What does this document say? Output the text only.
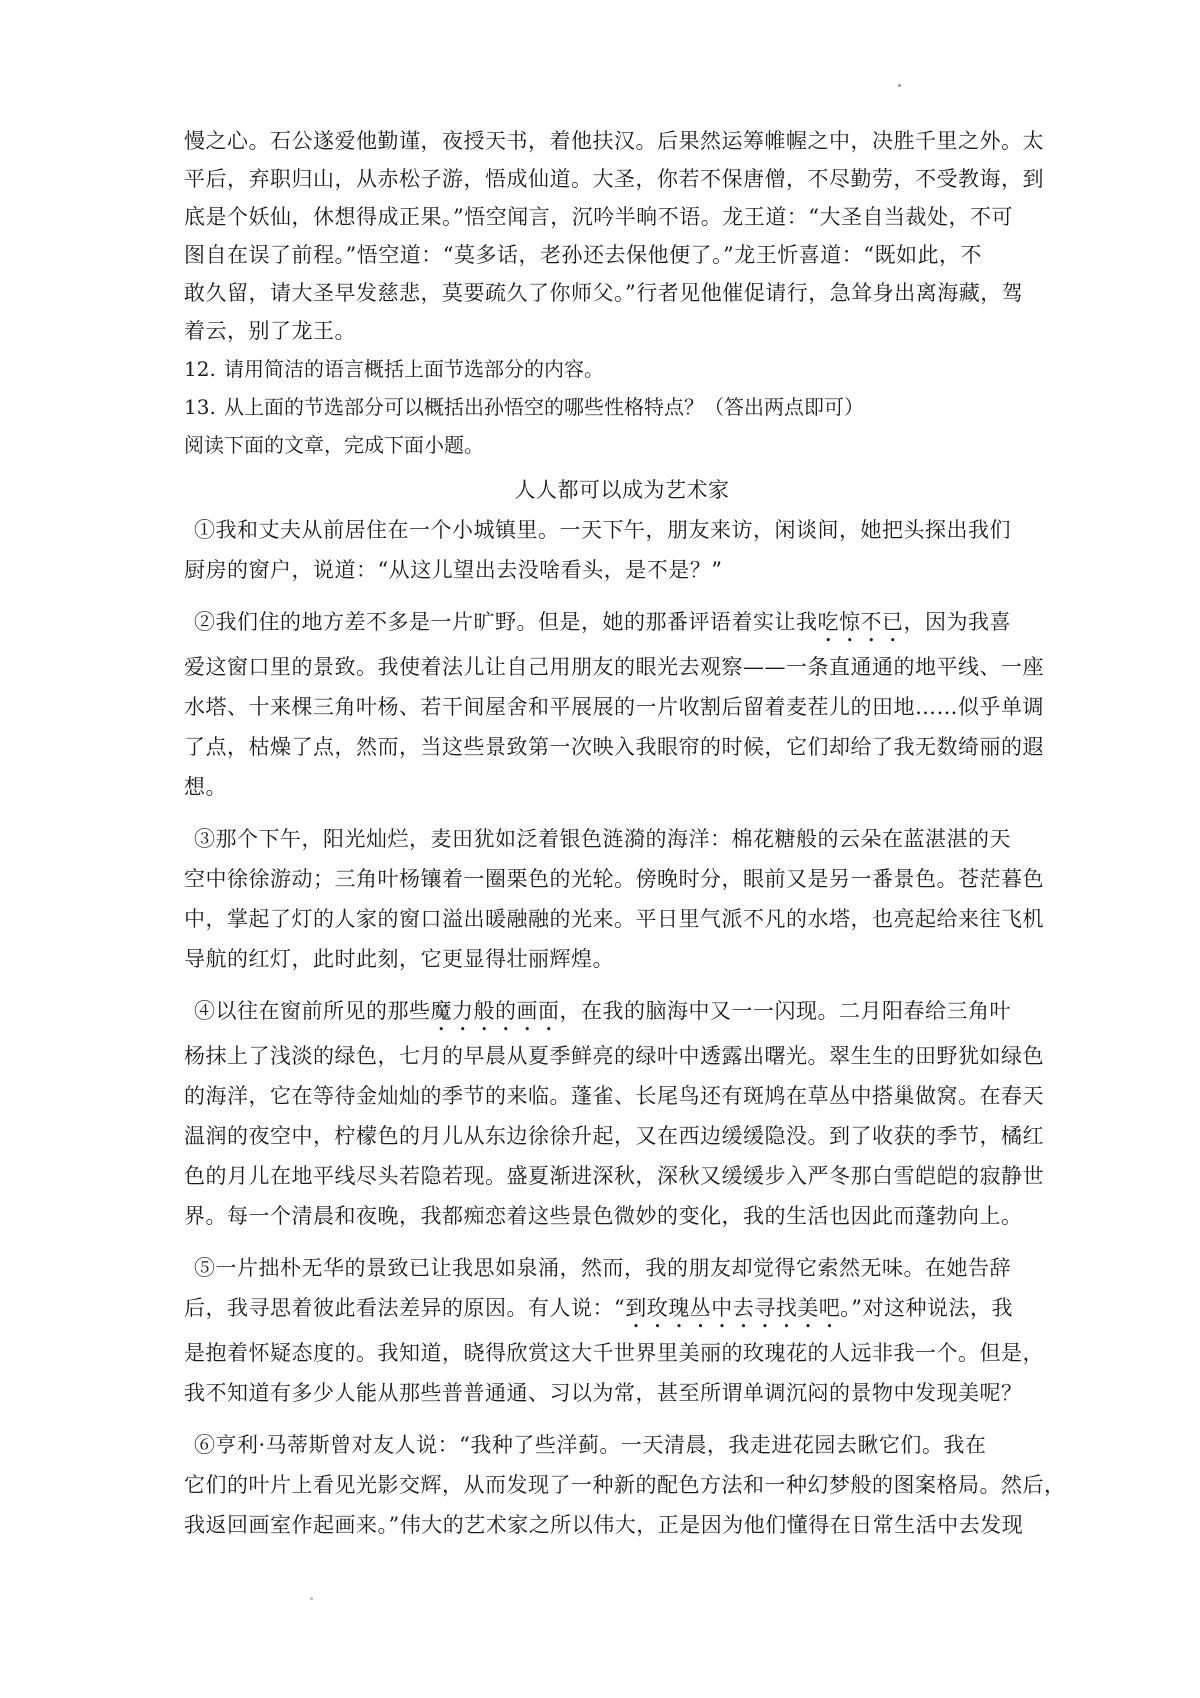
慢之心。石公遂爱他勤谨，夜授天书，着他扶汉。后果然运筹帷幄之中，决胜千里之外。太
平后，弃职归山，从赤松子游，悟成仙道。大圣，你若不保唐僧，不尽勤劳，不受教诲，到
底是个妖仙，休想得成正果。”悟空闻言，沉吟半晌不语。龙王道：“大圣自当裁处，不可
图自在误了前程。”悟空道：“莫多话，老孙还去保他便了。”龙王忻喜道：“既如此，不
敢久留，请大圣早发慈悲，莫要疏久了你师父。”行者见他催促请行，急耸身出离海藏，驾
着云，别了龙王。
12. 请用简洁的语言概括上面节选部分的内容。
13. 从上面的节选部分可以概括出孙悟空的哪些性格特点？（答出两点即可）
阅读下面的文章，完成下面小题。
人人都可以成为艺术家
①我和丈夫从前居住在一个小城镇里。一天下午，朋友来访，闲谈间，她把头探出我们
厨房的窗户，说道：“从这儿望出去没啥看头，是不是？”
②我们住的地方差不多是一片旷野。但是，她的那番评语着实让我吃惊不已，因为我喜
爱这窗口里的景致。我使着法儿让自己用朋友的眼光去观察——一条直通通的地平线、一座
水塔、十来棵三角叶杨、若干间屋舍和平展展的一片收割后留着麦茬儿的田地……似乎单调
了点，枯燥了点，然而，当这些景致第一次映入我眼帘的时候，它们却给了我无数绮丽的遐
想。
③那个下午，阳光灿烂，麦田犹如泛着银色涟漪的海洋：棉花糖般的云朵在蓝湛湛的天
空中徐徐游动；三角叶杨镶着一圈栗色的光轮。傍晚时分，眼前又是另一番景色。苍茫暮色
中，掌起了灯的人家的窗口溢出暖融融的光来。平日里气派不凡的水塔，也亮起给来往飞机
导航的红灯，此时此刻，它更显得壮丽辉煌。
④以往在窗前所见的那些魔力般的画面，在我的脑海中又一一闪现。二月阳春给三角叶
杨抹上了浅淡的绿色，七月的早晨从夏季鲜亮的绿叶中透露出曙光。翠生生的田野犹如绿色
的海洋，它在等待金灿灿的季节的来临。蓬雀、长尾鸟还有斑鸠在草丛中搭巢做窝。在春天
温润的夜空中，柠檬色的月儿从东边徐徐升起，又在西边缓缓隐没。到了收获的季节，橘红
色的月儿在地平线尽头若隐若现。盛夏渐进深秋，深秋又缓缓步入严冬那白雪皑皑的寂静世
界。每一个清晨和夜晚，我都痴恋着这些景色微妙的变化，我的生活也因此而蓬勃向上。
⑤一片拙朴无华的景致已让我思如泉涌，然而，我的朋友却觉得它索然无味。在她告辞
后，我寻思着彼此看法差异的原因。有人说：“到玫瑰丛中去寻找美吧。”对这种说法，我
是抱着怀疑态度的。我知道，晓得欣赏这大千世界里美丽的玫瑰花的人远非我一个。但是，
我不知道有多少人能从那些普普通通、习以为常，甚至所谓单调沉闷的景物中发现美呢？
⑥亨利·马蒂斯曾对友人说：“我种了些洋蓟。一天清晨，我走进花园去瞅它们。我在
它们的叶片上看见光影交辉，从而发现了一种新的配色方法和一种幻梦般的图案格局。然后，
我返回画室作起画来。”伟大的艺术家之所以伟大，正是因为他们懂得在日常生活中去发现
